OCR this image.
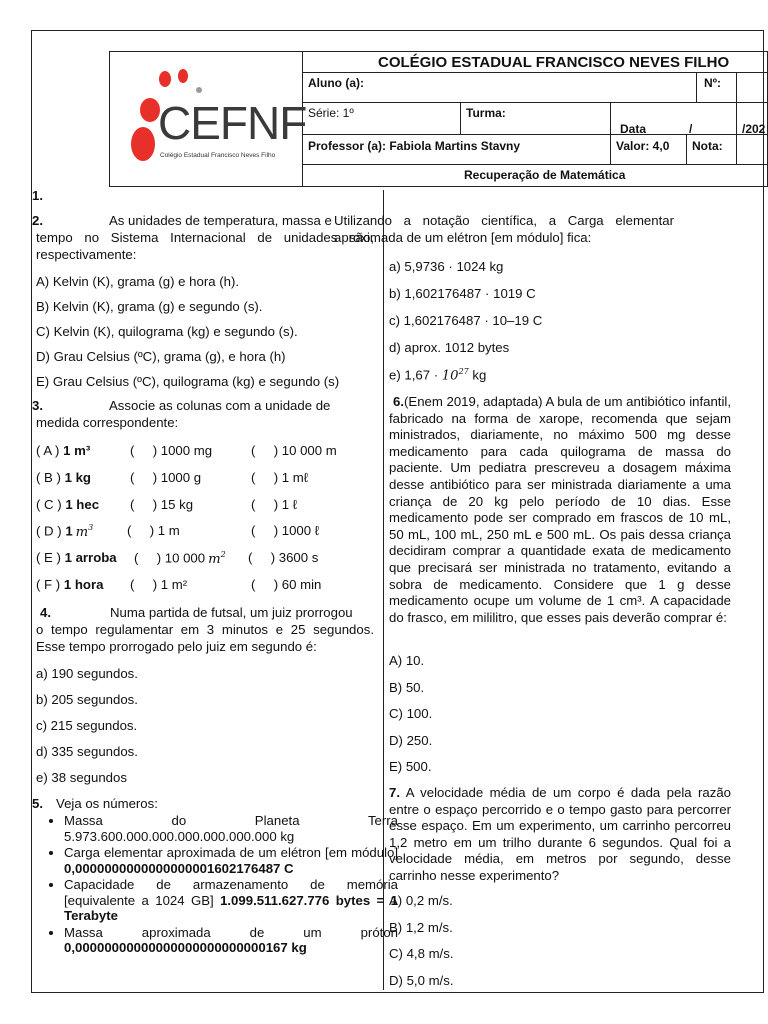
CEFNF
Colégio Estadual Francisco Neves Filho
COLÉGIO ESTADUAL FRANCISCO NEVES FILHO
Aluno (a):	Nº:
Série: 1º	Turma:
Data	/	/202
Professor (a): Fabiola Martins Stavny	Valor: 4,0 Nota:
Recuperação de Matemática
1.
2.	As unidades de temperatura, massa e
tempo no Sistema Internacional de unidades são, respectivamente:
A) Kelvin (K), grama (g) e hora (h).
B) Kelvin (K), grama (g) e segundo (s).
C) Kelvin (K), quilograma (kg) e segundo (s).
D) Grau Celsius (ºC), grama (g), e hora (h)
E) Grau Celsius (ºC), quilograma (kg) e segundo (s)
3.	Associe as colunas com a unidade de
medida correspondente:
( A ) 1 m³	(     ) 1000 mg	(     ) 10 000 m
( B ) 1 kg	(     ) 1000 g	(     ) 1 mℓ
( C ) 1 hec (     ) 15 kg	(     ) 1 ℓ
( D ) 1 $m^3$	(     ) 1 m	(     ) 1000 ℓ
( E ) 1 arroba (     ) 10 000 $m^2$ (     ) 3600 s
( F ) 1 hora (     ) 1 m²	(     ) 60 min
4.	Numa partida de futsal, um juiz prorrogou
o tempo regulamentar em 3 minutos e 25 segundos. Esse tempo prorrogado pelo juiz em segundo é:
a) 190 segundos.
b) 205 segundos.
c) 215 segundos.
d) 335 segundos.
e) 38 segundos
5. Veja os números:
• Massa do Planeta Terra 5.973.600.000.000.000.000.000.000 kg
• Carga elementar aproximada de um elétron [em módulo] 0,0000000000000000001602176487 C
• Capacidade de armazenamento de memória [equivalente a 1024 GB] 1.099.511.627.776 bytes = 1 Terabyte
• Massa aproximada de um próton 0,00000000000000000000000000167 kg
Utilizando a notação científica, a Carga elementar aproximada de um elétron [em módulo] fica:
a) 5,9736 · 1024 kg
b) 1,602176487 · 1019 C
c) 1,602176487 · 10–19 C
d) aprox. 1012 bytes
e) $1,67 \cdot 10^{27}$ kg
6.(Enem 2019, adaptada) A bula de um antibiótico infantil, fabricado na forma de xarope, recomenda que sejam ministrados, diariamente, no máximo 500 mg desse medicamento para cada quilograma de massa do paciente. Um pediatra prescreveu a dosagem máxima desse antibiótico para ser ministrada diariamente a uma criança de 20 kg pelo período de 10 dias. Esse medicamento pode ser comprado em frascos de 10 mL, 50 mL, 100 mL, 250 mL e 500 mL. Os pais dessa criança decidiram comprar a quantidade exata de medicamento que precisará ser ministrada no tratamento, evitando a sobra de medicamento. Considere que 1 g desse medicamento ocupe um volume de 1 cm³. A capacidade do frasco, em mililitro, que esses pais deverão comprar é:
A) 10.
B) 50.
C) 100.
D) 250.
E) 500.
7. A velocidade média de um corpo é dada pela razão entre o espaço percorrido e o tempo gasto para percorrer esse espaço. Em um experimento, um carrinho percorreu 1,2 metro em um trilho durante 6 segundos. Qual foi a velocidade média, em metros por segundo, desse carrinho nesse experimento?
A) 0,2 m/s.
B) 1,2 m/s.
C) 4,8 m/s.
D) 5,0 m/s.
